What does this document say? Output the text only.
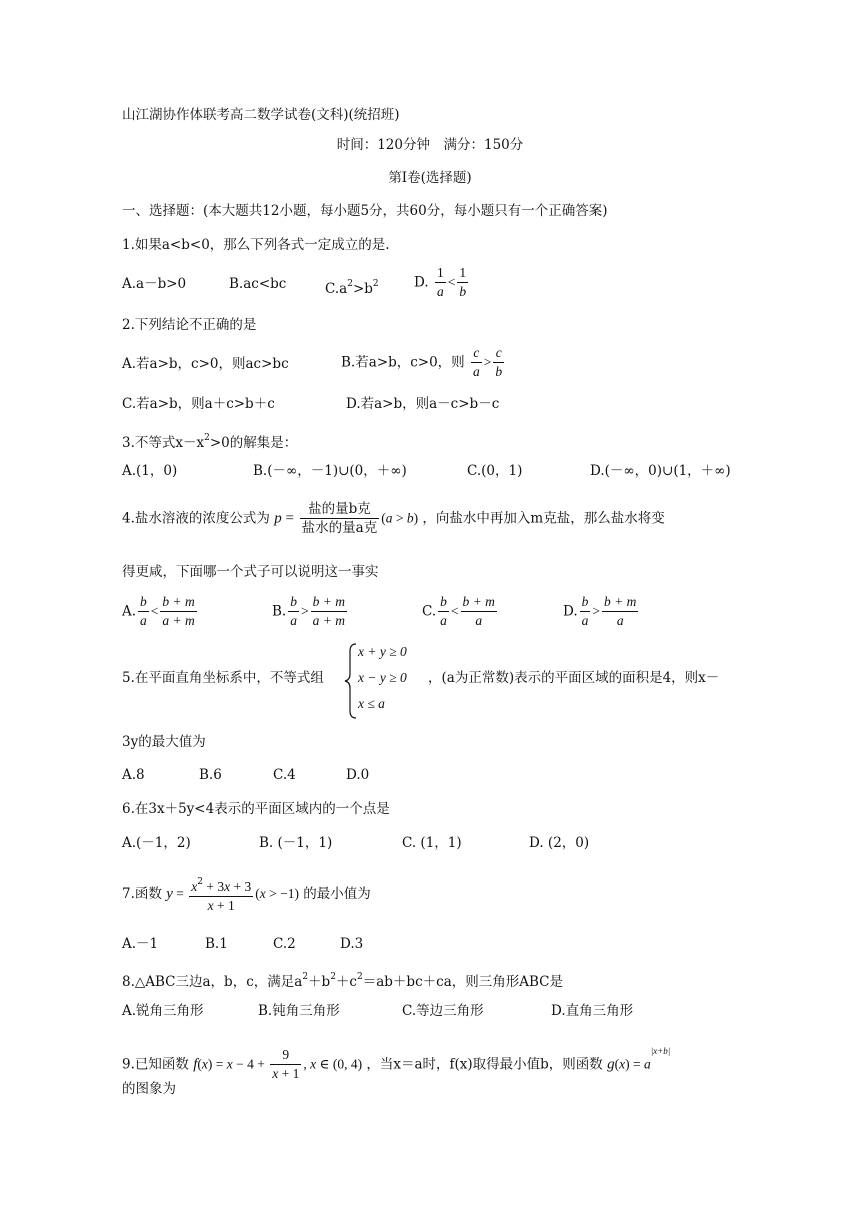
山江湖协作体联考高二数学试卷(文科)(统招班)
时间：120分钟　满分：150分
第Ⅰ卷(选择题)
一、选择题：(本大题共12小题，每小题5分，共60分，每小题只有一个正确答案)
1.如果a<b<0，那么下列各式一定成立的是.
A.a－b>0	B.ac<bc	$C.a^2>b^2$	D. $\frac{1}{a} < \frac{1}{b}$
2.下列结论不正确的是
A.若a>b，c>0，则ac>bc	B.若a>b，c>0，则 $\frac{c}{a} > \frac{c}{b}$
C.若a>b，则a＋c>b＋c	D.若a>b，则a－c>b－c
3.不等式$x-x^2>0$的解集是：
A.(1，0)	B.(－∞，－1)∪(0，＋∞)	C.(0，1)	D.(－∞，0)∪(1，＋∞)
4.盐水溶液的浓度公式为 $p = \frac{\text{盐的量b克}}{\text{盐水的量a克}} (a > b)$ ，向盐水中再加入m克盐，那么盐水将变
得更咸，下面哪一个式子可以说明这一事实
A. $\frac{b}{a} < \frac{b + m}{a + m}$	B. $\frac{b}{a} > \frac{b + m}{a + m}$	C. $\frac{b}{a} < \frac{b + m}{a}$	D. $\frac{b}{a} > \frac{b + m}{a}$
5.在平面直角坐标系中，不等式组
x + y ≥ 0
x − y ≥ 0
x ≤ a
，(a为正常数)表示的平面区域的面积是4，则x－
3y的最大值为
A.8	B.6	C.4	D.0
6.在3x＋5y<4表示的平面区域内的一个点是
A.(－1，2)	B. (－1，1)	C. (1，1)	D. (2，0)
7.函数 $y = \frac{x^2 + 3x + 3}{x + 1} (x > -1)$ 的最小值为
A.－1	B.1	C.2	D.3
8.△ABC三边a，b，c，满足$a^2+b^2+c^2=ab+bc+ca$，则三角形ABC是
A.锐角三角形	B.钝角三角形	C.等边三角形	D.直角三角形
9.已知函数 $f(x) = x - 4 + \frac{9}{x + 1}$ , x ∈ (0, 4) ，当x＝a时，f(x)取得最小值b，则函数 $g(x) = a^{|x+b|}$
的图象为
